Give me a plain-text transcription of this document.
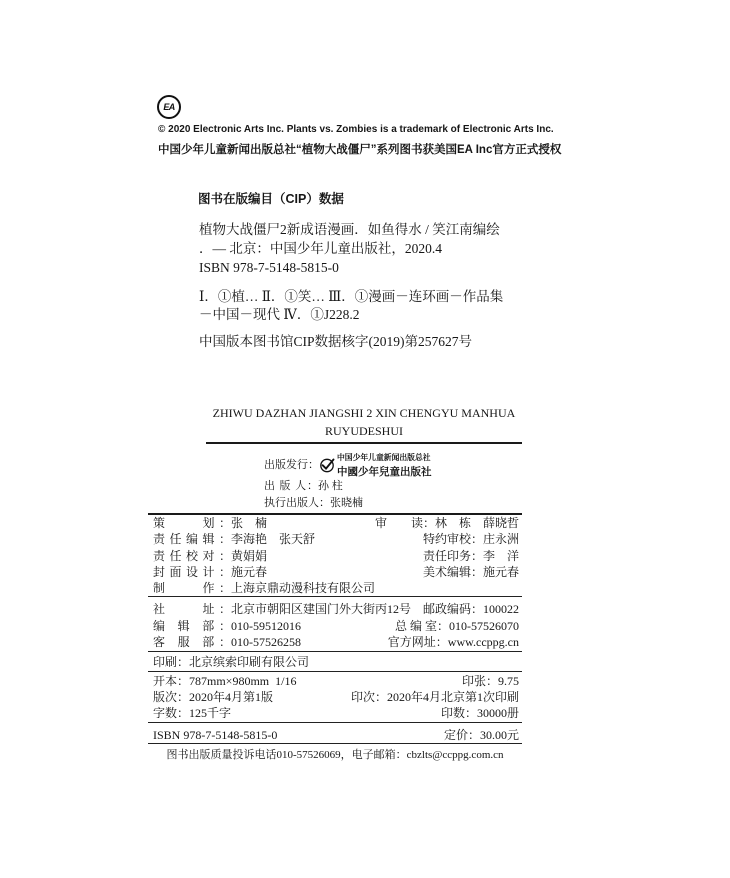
EA
© 2020 Electronic Arts Inc. Plants vs. Zombies is a trademark of Electronic Arts Inc.
中国少年儿童新闻出版总社“植物大战僵尸”系列图书获美国EA Inc官方正式授权
图书在版编目（CIP）数据
植物大战僵尸2新成语漫画．如鱼得水 / 笑江南编绘
．— 北京：中国少年儿童出版社，2020.4
ISBN 978-7-5148-5815-0
Ⅰ．①植… Ⅱ．①笑… Ⅲ．①漫画－连环画－作品集
－中国－现代 Ⅳ．①J228.2
中国版本图书馆CIP数据核字(2019)第257627号
ZHIWU DAZHAN JIANGSHI 2 XIN CHENGYU MANHUA
RUYUDESHUI
出版发行：
中国少年儿童新闻出版总社
中國少年兒童出版社
出 版 人：孙 柱
执行出版人：张晓楠
策　　划：张　楠	审　　读：林　栋　薛晓哲
责任编辑：李海艳　张天舒	特约审校：庄永洲
责任校对：黄娟娟	责任印务：李　洋
封面设计：施元春	美术编辑：施元春
制　　作：上海京鼎动漫科技有限公司
社　　址：北京市朝阳区建国门外大街丙12号 邮政编码：100022
编 辑 部：010-59512016	总 编 室：010-57526070
客 服 部：010-57526258	官方网址：www.ccppg.cn
印刷：北京缤索印刷有限公司
开本：787mm×980mm  1/16	印张：9.75
版次：2020年4月第1版	印次：2020年4月北京第1次印刷
字数：125千字	印数：30000册
ISBN 978-7-5148-5815-0	定价：30.00元
图书出版质量投诉电话010-57526069，电子邮箱：cbzlts@ccppg.com.cn
